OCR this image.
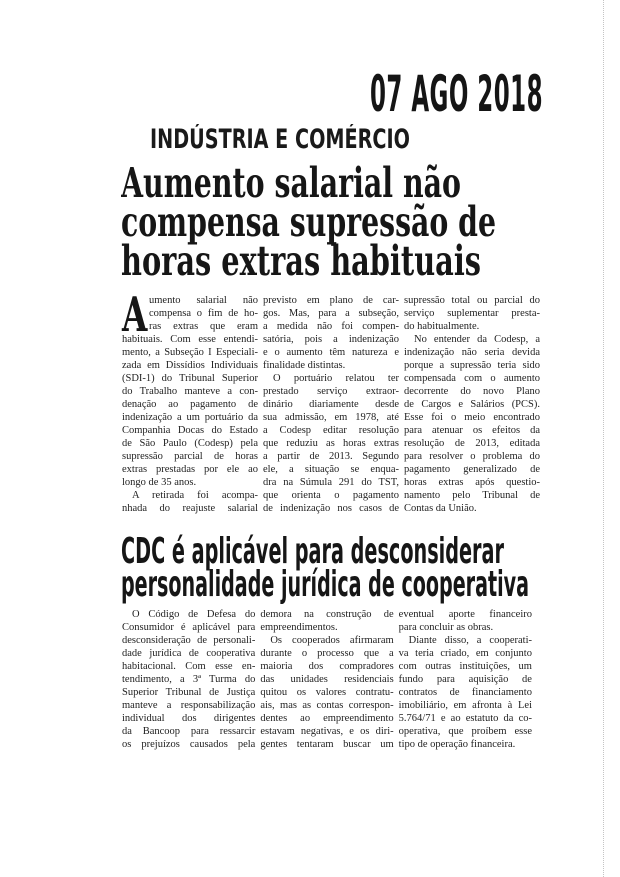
07 AGO 2018
INDÚSTRIA E COMÉRCIO
Aumento salarial não
compensa supressão de
horas extras habituais
umento salarial não
compensa o fim de ho-
ras extras que eram
habituais. Com esse entendi-
mento, a Subseção I Especiali-
zada em Dissídios Individuais
(SDI-1) do Tribunal Superior
do Trabalho manteve a con-
denação ao pagamento de
indenização a um portuário da
Companhia Docas do Estado
de São Paulo (Codesp) pela
supressão parcial de horas
extras prestadas por ele ao
longo de 35 anos.
A retirada foi acompa-
nhada do reajuste salarial
previsto em plano de car-
gos. Mas, para a subseção,
a medida não foi compen-
satória, pois a indenização
e o aumento têm natureza e
finalidade distintas.
O portuário relatou ter
prestado serviço extraor-
dinário diariamente desde
sua admissão, em 1978, até
a Codesp editar resolução
que reduziu as horas extras
a partir de 2013. Segundo
ele, a situação se enqua-
dra na Súmula 291 do TST,
que orienta o pagamento
de indenização nos casos de
supressão total ou parcial do
serviço suplementar presta-
do habitualmente.
No entender da Codesp, a
indenização não seria devida
porque a supressão teria sido
compensada com o aumento
decorrente do novo Plano
de Cargos e Salários (PCS).
Esse foi o meio encontrado
para atenuar os efeitos da
resolução de 2013, editada
para resolver o problema do
pagamento generalizado de
horas extras após questio-
namento pelo Tribunal de
Contas da União.
A
CDC é aplicável para desconsiderar
personalidade jurídica de cooperativa
O Código de Defesa do
Consumidor é aplicável para
desconsideração de personali-
dade jurídica de cooperativa
habitacional. Com esse en-
tendimento, a 3ª Turma do
Superior Tribunal de Justiça
manteve a responsabilização
individual dos dirigentes
da Bancoop para ressarcir
os prejuízos causados pela
demora na construção de
empreendimentos.
Os cooperados afirmaram
durante o processo que a
maioria dos compradores
das unidades residenciais
quitou os valores contratu-
ais, mas as contas correspon-
dentes ao empreendimento
estavam negativas, e os diri-
gentes tentaram buscar um
eventual aporte financeiro
para concluir as obras.
Diante disso, a cooperati-
va teria criado, em conjunto
com outras instituições, um
fundo para aquisição de
contratos de financiamento
imobiliário, em afronta à Lei
5.764/71 e ao estatuto da co-
operativa, que proíbem esse
tipo de operação financeira.
